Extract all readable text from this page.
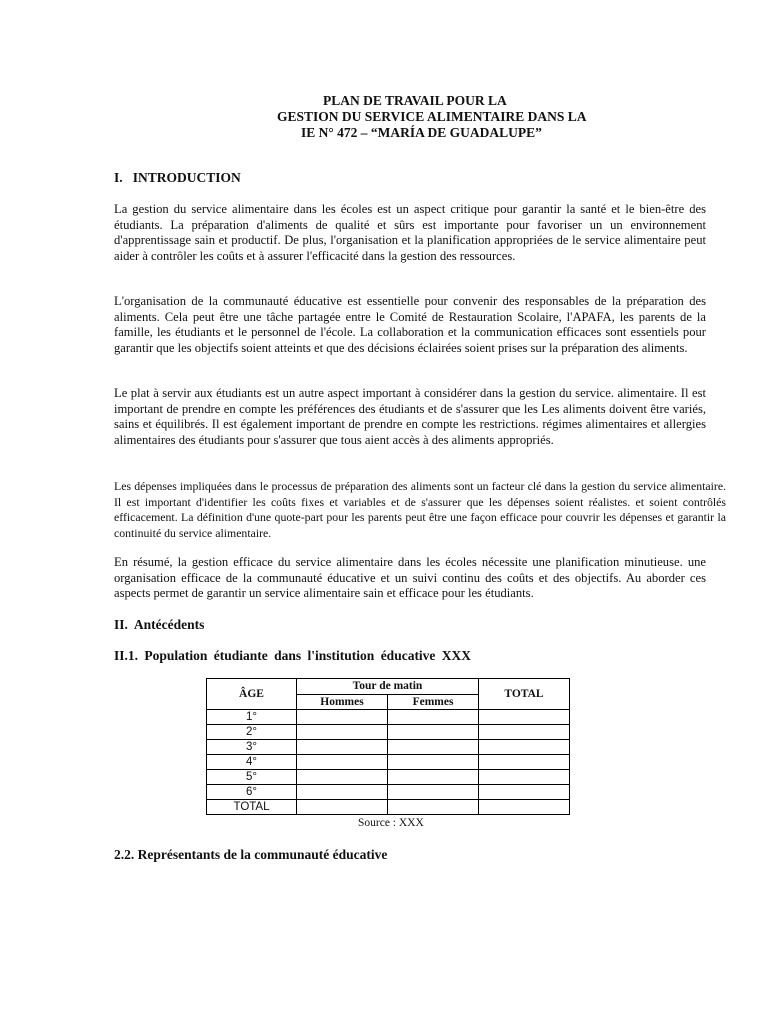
PLAN DE TRAVAIL POUR LA
GESTION DU SERVICE ALIMENTAIRE DANS LA
IE N° 472 – “MARÍA DE GUADALUPE”
I.   INTRODUCTION

La gestion du service alimentaire dans les écoles est un aspect critique pour garantir la santé et le bien-être des étudiants. La préparation d'aliments de qualité et sûrs est importante pour favoriser un un environnement d'apprentissage sain et productif. De plus, l'organisation et la planification appropriées de le service alimentaire peut aider à contrôler les coûts et à assurer l'efficacité dans la gestion des ressources.

L'organisation de la communauté éducative est essentielle pour convenir des responsables de la préparation des aliments. Cela peut être une tâche partagée entre le Comité de Restauration Scolaire, l'APAFA, les parents de la famille, les étudiants et le personnel de l'école. La collaboration et la communication efficaces sont essentiels pour garantir que les objectifs soient atteints et que des décisions éclairées soient prises sur la préparation des aliments.

Le plat à servir aux étudiants est un autre aspect important à considérer dans la gestion du service. alimentaire. Il est important de prendre en compte les préférences des étudiants et de s'assurer que les Les aliments doivent être variés, sains et équilibrés. Il est également important de prendre en compte les restrictions. régimes alimentaires et allergies alimentaires des étudiants pour s'assurer que tous aient accès à des aliments appropriés.

Les dépenses impliquées dans le processus de préparation des aliments sont un facteur clé dans la gestion du service alimentaire. Il est important d'identifier les coûts fixes et variables et de s'assurer que les dépenses soient réalistes. et soient contrôlés efficacement. La définition d'une quote-part pour les parents peut être une façon efficace pour couvrir les dépenses et garantir la continuité du service alimentaire.

En résumé, la gestion efficace du service alimentaire dans les écoles nécessite une planification minutieuse. une organisation efficace de la communauté éducative et un suivi continu des coûts et des objectifs. Au aborder ces aspects permet de garantir un service alimentaire sain et efficace pour les étudiants.

II.  Antécédents
II.1. Population étudiante dans l'institution éducative XXX
ÂGE	Tour de matin		TOTAL
	Hommes	Femmes	
1°			
2°			
3°			
4°			
5°			
6°			
TOTAL			
Source : XXX
2.2. Représentants de la communauté éducative
